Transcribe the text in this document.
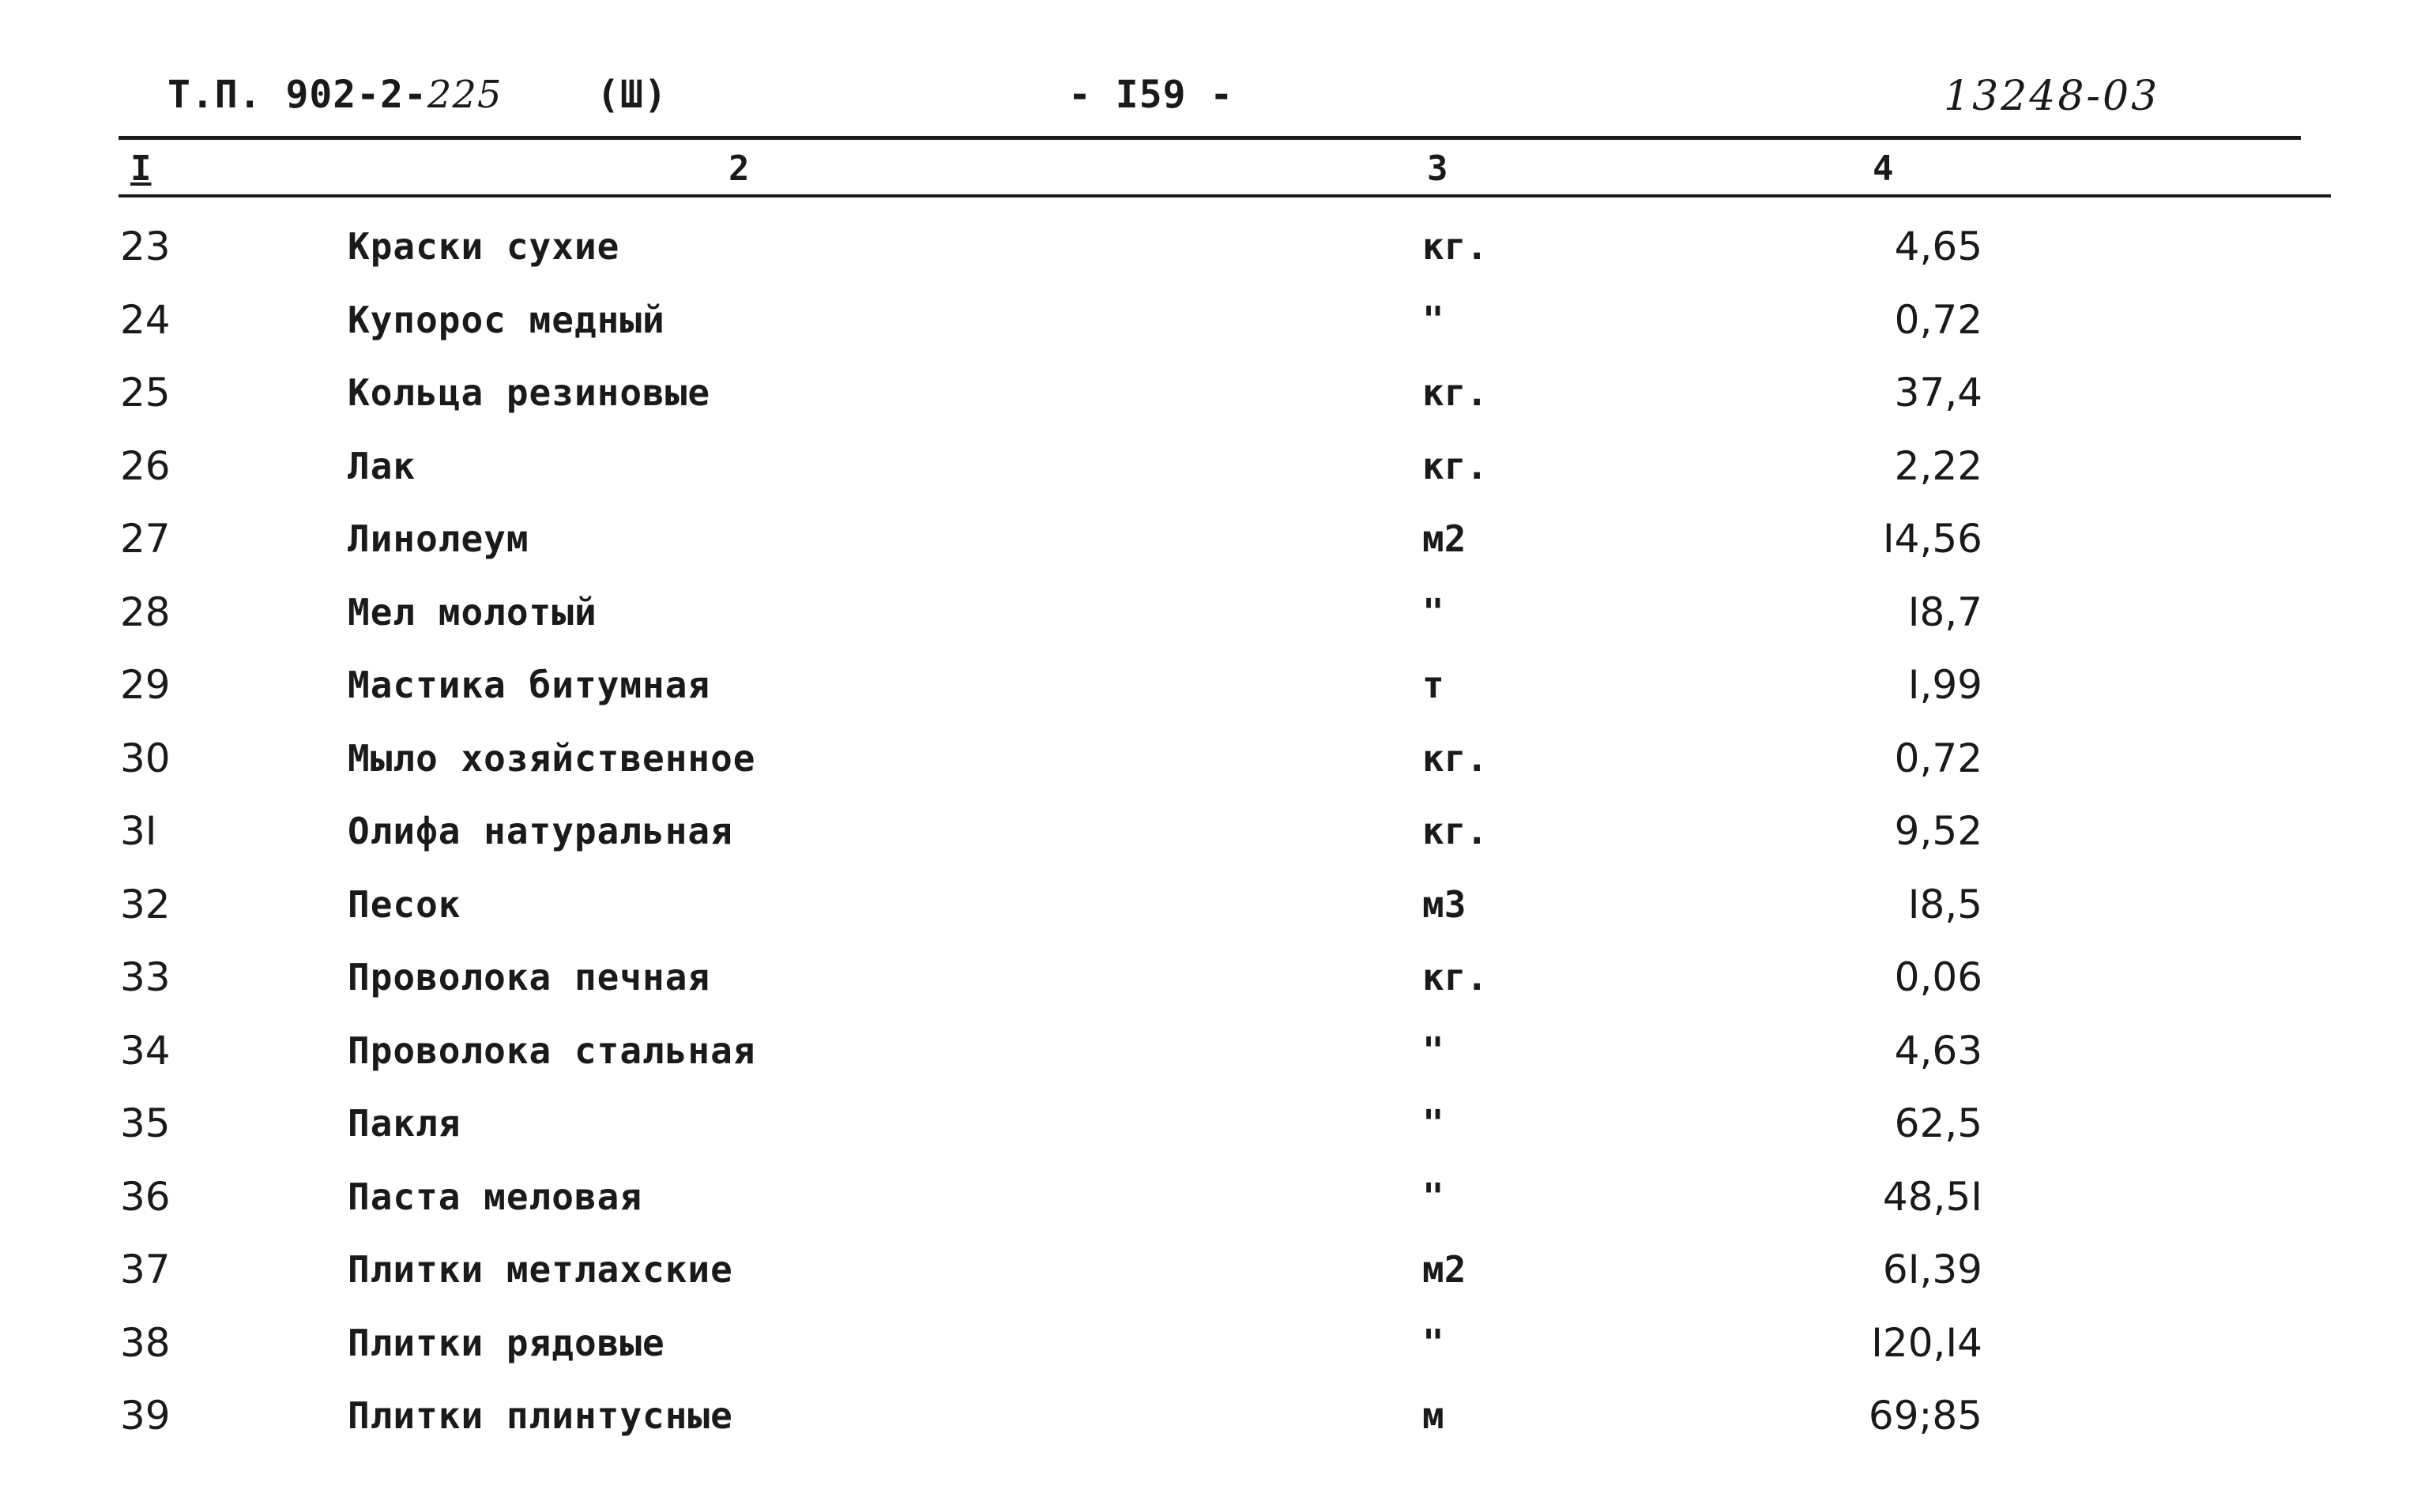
Т.П. 902-2-225 (Ш)	- I59 -	13248-03
I	2	3	4
23	Краски сухие	кг.	4,65
24	Купорос медный	"	0,72
25	Кольца резиновые	кг.	37,4
26	Лак	кг.	2,22
27	Линолеум	м2	I4,56
28	Мел молотый	"	I8,7
29	Мастика битумная	т	I,99
30	Мыло хозяйственное	кг.	0,72
3I	Олифа натуральная	кг.	9,52
32	Песок	м3	I8,5
33	Проволока печная	кг.	0,06
34	Проволока стальная	"	4,63
35	Пакля	"	62,5
36	Паста меловая	"	48,5I
37	Плитки метлахские	м2	6I,39
38	Плитки рядовые	"	I20,I4
39	Плитки плинтусные	м	69;85
